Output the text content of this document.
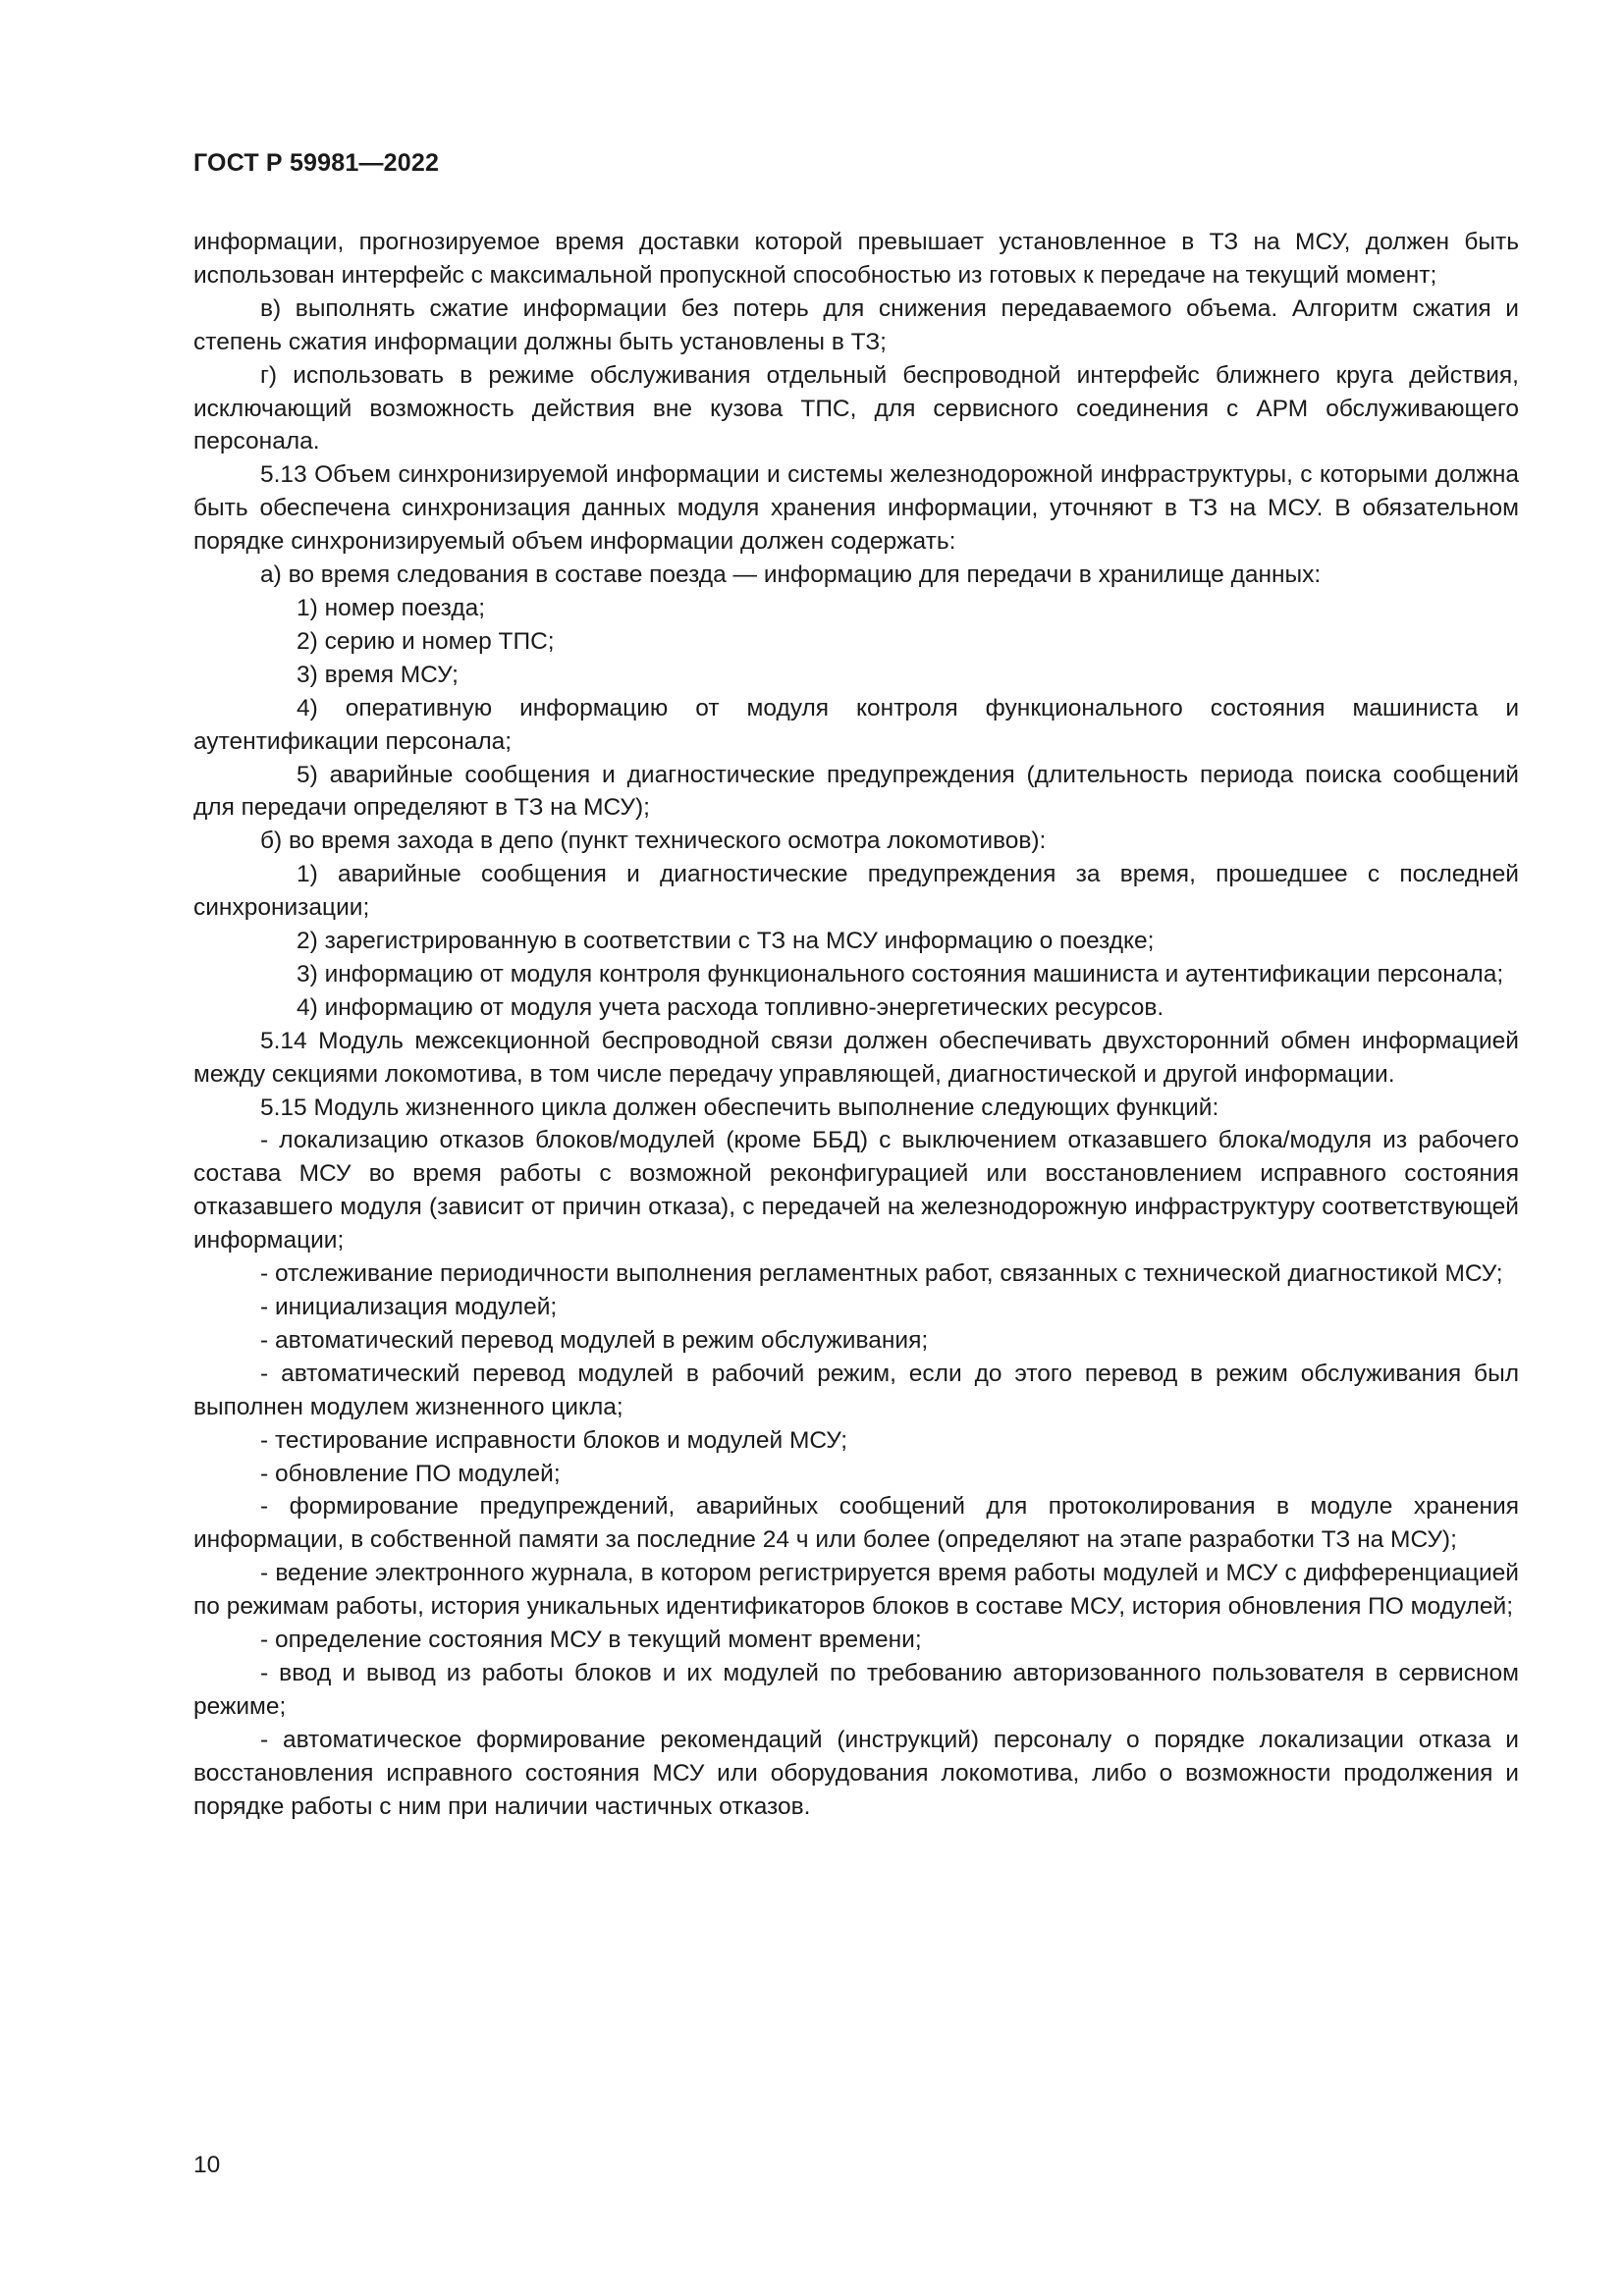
ГОСТ Р 59981—2022

информации, прогнозируемое время доставки которой превышает установленное в ТЗ на МСУ, должен быть использован интерфейс с максимальной пропускной способностью из готовых к передаче на текущий момент;

в) выполнять сжатие информации без потерь для снижения передаваемого объема. Алгоритм сжатия и степень сжатия информации должны быть установлены в ТЗ;

г) использовать в режиме обслуживания отдельный беспроводной интерфейс ближнего круга действия, исключающий возможность действия вне кузова ТПС, для сервисного соединения с АРМ обслуживающего персонала.

5.13 Объем синхронизируемой информации и системы железнодорожной инфраструктуры, с которыми должна быть обеспечена синхронизация данных модуля хранения информации, уточняют в ТЗ на МСУ. В обязательном порядке синхронизируемый объем информации должен содержать:

а) во время следования в составе поезда — информацию для передачи в хранилище данных:

1) номер поезда;

2) серию и номер ТПС;

3) время МСУ;

4) оперативную информацию от модуля контроля функционального состояния машиниста и аутентификации персонала;

5) аварийные сообщения и диагностические предупреждения (длительность периода поиска сообщений для передачи определяют в ТЗ на МСУ);

б) во время захода в депо (пункт технического осмотра локомотивов):

1) аварийные сообщения и диагностические предупреждения за время, прошедшее с последней синхронизации;

2) зарегистрированную в соответствии с ТЗ на МСУ информацию о поездке;

3) информацию от модуля контроля функционального состояния машиниста и аутентификации персонала;

4) информацию от модуля учета расхода топливно-энергетических ресурсов.

5.14 Модуль межсекционной беспроводной связи должен обеспечивать двухсторонний обмен информацией между секциями локомотива, в том числе передачу управляющей, диагностической и другой информации.

5.15 Модуль жизненного цикла должен обеспечить выполнение следующих функций:

- локализацию отказов блоков/модулей (кроме ББД) с выключением отказавшего блока/модуля из рабочего состава МСУ во время работы с возможной реконфигурацией или восстановлением исправного состояния отказавшего модуля (зависит от причин отказа), с передачей на железнодорожную инфраструктуру соответствующей информации;

- отслеживание периодичности выполнения регламентных работ, связанных с технической диагностикой МСУ;

- инициализация модулей;

- автоматический перевод модулей в режим обслуживания;

- автоматический перевод модулей в рабочий режим, если до этого перевод в режим обслуживания был выполнен модулем жизненного цикла;

- тестирование исправности блоков и модулей МСУ;

- обновление ПО модулей;

- формирование предупреждений, аварийных сообщений для протоколирования в модуле хранения информации, в собственной памяти за последние 24 ч или более (определяют на этапе разработки ТЗ на МСУ);

- ведение электронного журнала, в котором регистрируется время работы модулей и МСУ с дифференциацией по режимам работы, история уникальных идентификаторов блоков в составе МСУ, история обновления ПО модулей;

- определение состояния МСУ в текущий момент времени;

- ввод и вывод из работы блоков и их модулей по требованию авторизованного пользователя в сервисном режиме;

- автоматическое формирование рекомендаций (инструкций) персоналу о порядке локализации отказа и восстановления исправного состояния МСУ или оборудования локомотива, либо о возможности продолжения и порядке работы с ним при наличии частичных отказов.

10
